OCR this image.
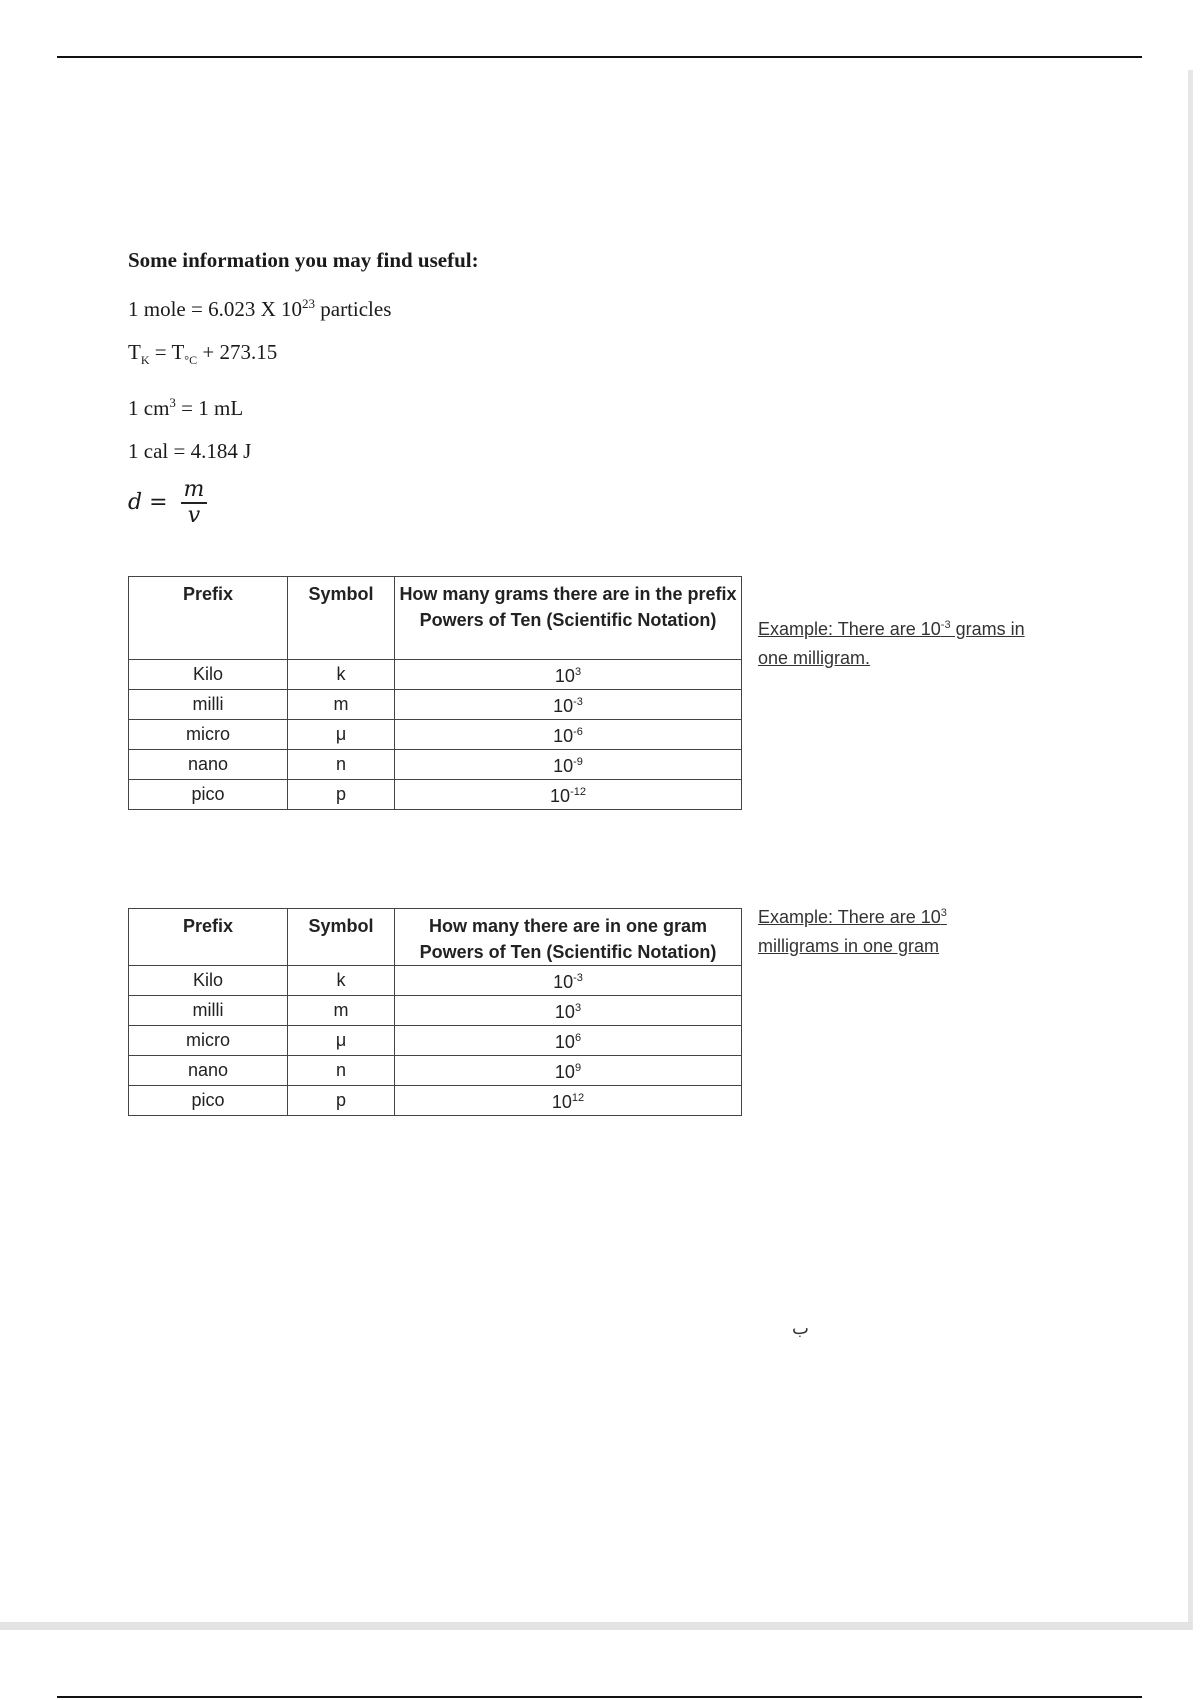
Some information you may find useful:

1 mole = 6.023 X $10^{23}$ particles

$T_K = T_{^\circ C} + 273.15$

1 $cm^3 = 1$ mL

1 cal = 4.184 J

$d = \frac{m}{v}$
Prefix	Symbol	How many grams there are in the prefix
Powers of Ten (Scientific Notation)

Kilo	k	$10^3$
milli	m	$10^{-3}$
micro	μ	$10^{-6}$
nano	n	$10^{-9}$
pico	p	$10^{-12}$
Example: There are $10^{-3}$ grams in one milligram.
Prefix	Symbol	How many there are in one gram
Powers of Ten (Scientific Notation)

Kilo	k	$10^{-3}$
milli	m	$10^3$
micro	μ	$10^6$
nano	n	$10^9$
pico	p	$10^{12}$
Example: There are $10^3$ milligrams in one gram
ب
